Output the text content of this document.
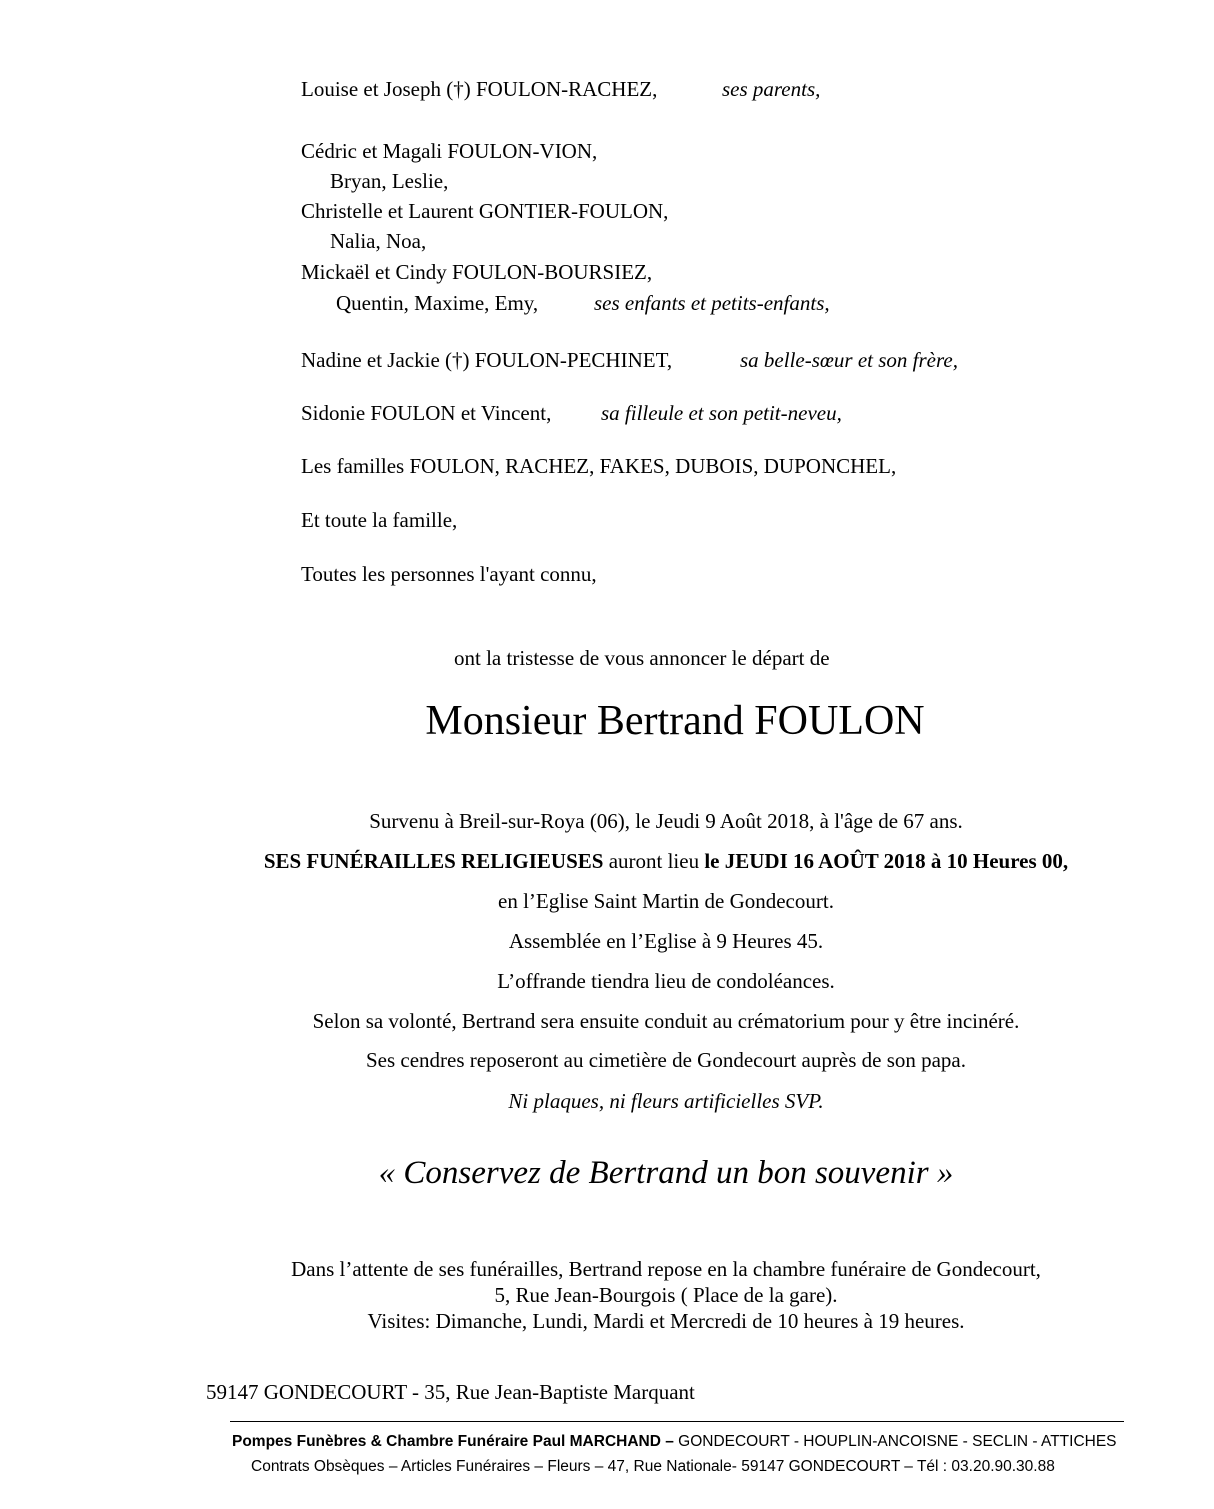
Louise et Joseph (†) FOULON-RACHEZ,	ses parents,
Cédric et Magali FOULON-VION,
Bryan, Leslie,
Christelle et Laurent GONTIER-FOULON,
Nalia, Noa,
Mickaël et Cindy FOULON-BOURSIEZ,
Quentin, Maxime, Emy,	ses enfants et petits-enfants,
Nadine et Jackie (†) FOULON-PECHINET,	sa belle-sœur et son frère,
Sidonie FOULON et Vincent, sa filleule et son petit-neveu,
Les familles FOULON, RACHEZ, FAKES, DUBOIS, DUPONCHEL,
Et toute la famille,
Toutes les personnes l'ayant connu,
ont la tristesse de vous annoncer le départ de
Monsieur Bertrand FOULON
Survenu à Breil-sur-Roya (06), le Jeudi 9 Août 2018, à l'âge de 67 ans.
SES FUNÉRAILLES RELIGIEUSES auront lieu le JEUDI 16 AOÛT 2018 à 10 Heures 00,
en l’Eglise Saint Martin de Gondecourt.
Assemblée en l’Eglise à 9 Heures 45.
L’offrande tiendra lieu de condoléances.
Selon sa volonté, Bertrand sera ensuite conduit au crématorium pour y être incinéré.
Ses cendres reposeront au cimetière de Gondecourt auprès de son papa.
Ni plaques, ni fleurs artificielles SVP.
« Conservez de Bertrand un bon souvenir »
Dans l’attente de ses funérailles, Bertrand repose en la chambre funéraire de Gondecourt,
5, Rue Jean-Bourgois ( Place de la gare).
Visites: Dimanche, Lundi, Mardi et Mercredi de 10 heures à 19 heures.
59147 GONDECOURT - 35, Rue Jean-Baptiste Marquant
Pompes Funèbres & Chambre Funéraire Paul MARCHAND – GONDECOURT - HOUPLIN-ANCOISNE - SECLIN - ATTICHES
Contrats Obsèques – Articles Funéraires – Fleurs – 47, Rue Nationale- 59147 GONDECOURT – Tél : 03.20.90.30.88
